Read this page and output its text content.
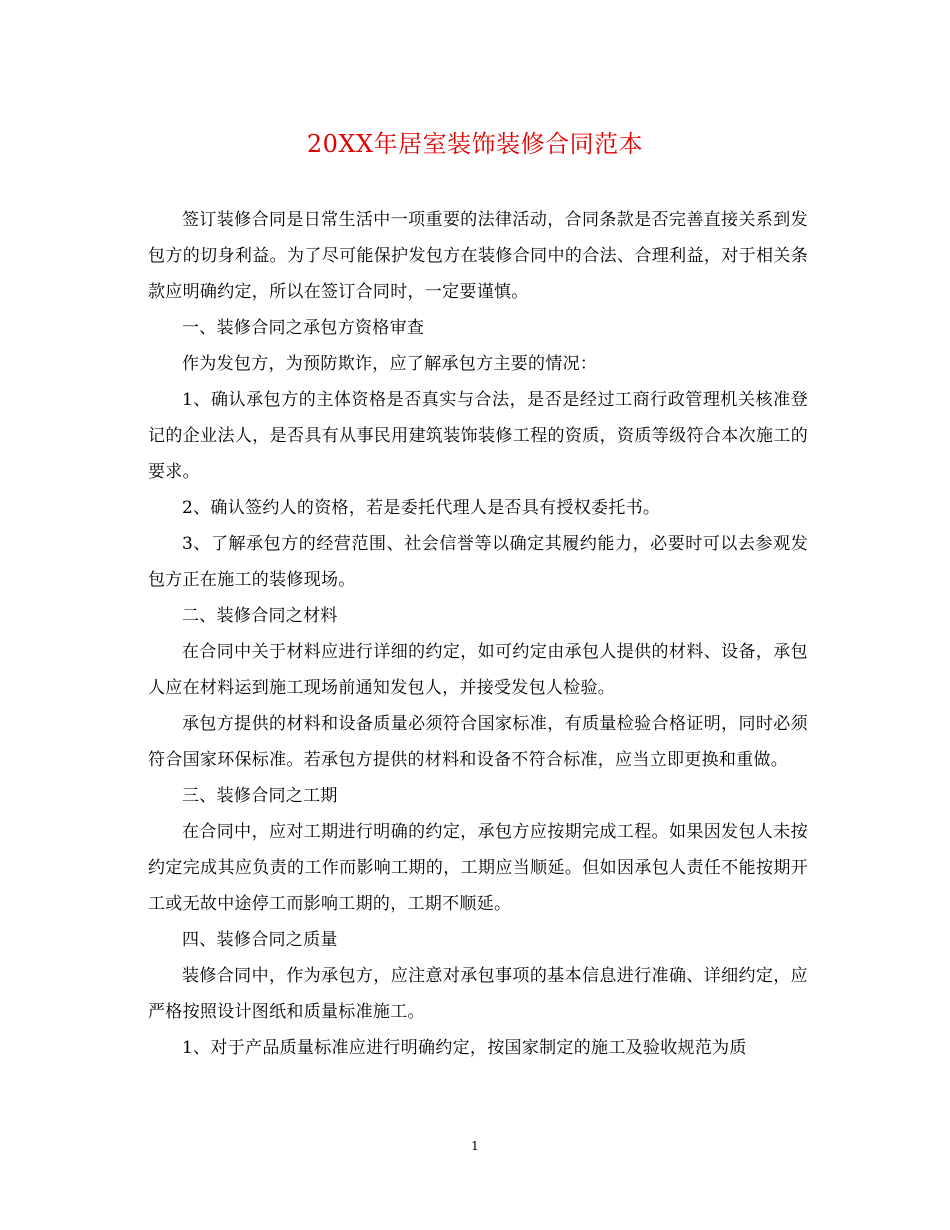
20XX年居室装饰装修合同范本

签订装修合同是日常生活中一项重要的法律活动，合同条款是否完善直接关系到发包方的切身利益。为了尽可能保护发包方在装修合同中的合法、合理利益，对于相关条款应明确约定，所以在签订合同时，一定要谨慎。

一、装修合同之承包方资格审查

作为发包方，为预防欺诈，应了解承包方主要的情况：

1、确认承包方的主体资格是否真实与合法，是否是经过工商行政管理机关核准登记的企业法人，是否具有从事民用建筑装饰装修工程的资质，资质等级符合本次施工的要求。

2、确认签约人的资格，若是委托代理人是否具有授权委托书。

3、了解承包方的经营范围、社会信誉等以确定其履约能力，必要时可以去参观发包方正在施工的装修现场。

二、装修合同之材料

在合同中关于材料应进行详细的约定，如可约定由承包人提供的材料、设备，承包人应在材料运到施工现场前通知发包人，并接受发包人检验。

承包方提供的材料和设备质量必须符合国家标准，有质量检验合格证明，同时必须符合国家环保标准。若承包方提供的材料和设备不符合标准，应当立即更换和重做。

三、装修合同之工期

在合同中，应对工期进行明确的约定，承包方应按期完成工程。如果因发包人未按约定完成其应负责的工作而影响工期的，工期应当顺延。但如因承包人责任不能按期开工或无故中途停工而影响工期的，工期不顺延。

四、装修合同之质量

装修合同中，作为承包方，应注意对承包事项的基本信息进行准确、详细约定，应严格按照设计图纸和质量标准施工。

1、对于产品质量标准应进行明确约定，按国家制定的施工及验收规范为质

1
